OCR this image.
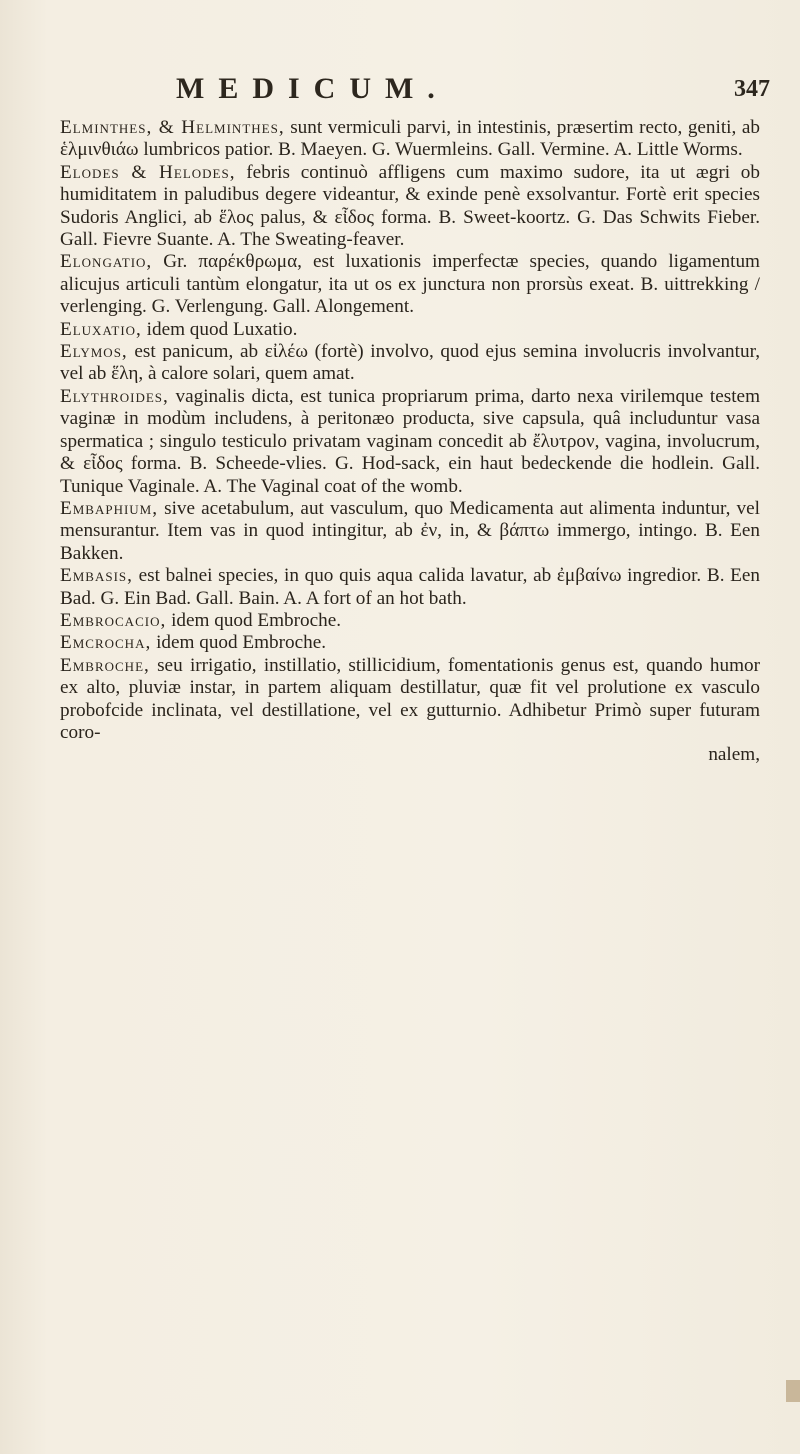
MEDICUM.	347

Elminthes, & Helminthes, sunt vermiculi parvi, in intestinis, præsertim recto, geniti, ab ἑλμινθιάω lumbricos patior. B. Maeyen. G. Wuermleins. Gall. Vermine. A. Little Worms.

Elodes & Helodes, febris continuò affligens cum maximo sudore, ita ut ægri ob humiditatem in paludibus degere videantur, & exinde penè exsolvantur. Fortè erit species Sudoris Anglici, ab ἕλος palus, & εἶδος forma. B. Sweet-koortz. G. Das Schwits Fieber. Gall. Fievre Suante. A. The Sweating-feaver.

Elongatio, Gr. παρέκθρωμα, est luxationis imperfectæ species, quando ligamentum alicujus articuli tantùm elongatur, ita ut os ex junctura non prorsùs exeat. B. uittrekking / verlenging. G. Verlengung. Gall. Alongement.

Eluxatio, idem quod Luxatio.

Elymos, est panicum, ab εἰλέω (fortè) involvo, quod ejus semina involucris involvantur, vel ab ἕλη, à calore solari, quem amat.

Elythroides, vaginalis dicta, est tunica propriarum prima, darto nexa virilemque testem vaginæ in modùm includens, à peritonæo producta, sive capsula, quâ includuntur vasa spermatica ; singulo testiculo privatam vaginam concedit ab ἔλυτρον, vagina, involucrum, & εἶδος forma. B. Scheede-vlies. G. Hod-sack, ein haut bedeckende die hodlein. Gall. Tunique Vaginale. A. The Vaginal coat of the womb.

Embaphium, sive acetabulum, aut vasculum, quo Medicamenta aut alimenta induntur, vel mensurantur. Item vas in quod intingitur, ab ἐν, in, & βάπτω immergo, intingo. B. Een Bakken.

Embasis, est balnei species, in quo quis aqua calida lavatur, ab ἐμβαίνω ingredior. B. Een Bad. G. Ein Bad. Gall. Bain. A. A fort of an hot bath.

Embrocacio, idem quod Embroche.

Emcrocha, idem quod Embroche.

Embroche, seu irrigatio, instillatio, stillicidium, fomentationis genus est, quando humor ex alto, pluviæ instar, in partem aliquam destillatur, quæ fit vel prolutione ex vasculo probofcide inclinata, vel destillatione, vel ex gutturnio. Adhibetur Primò super futuram coro-

nalem,
